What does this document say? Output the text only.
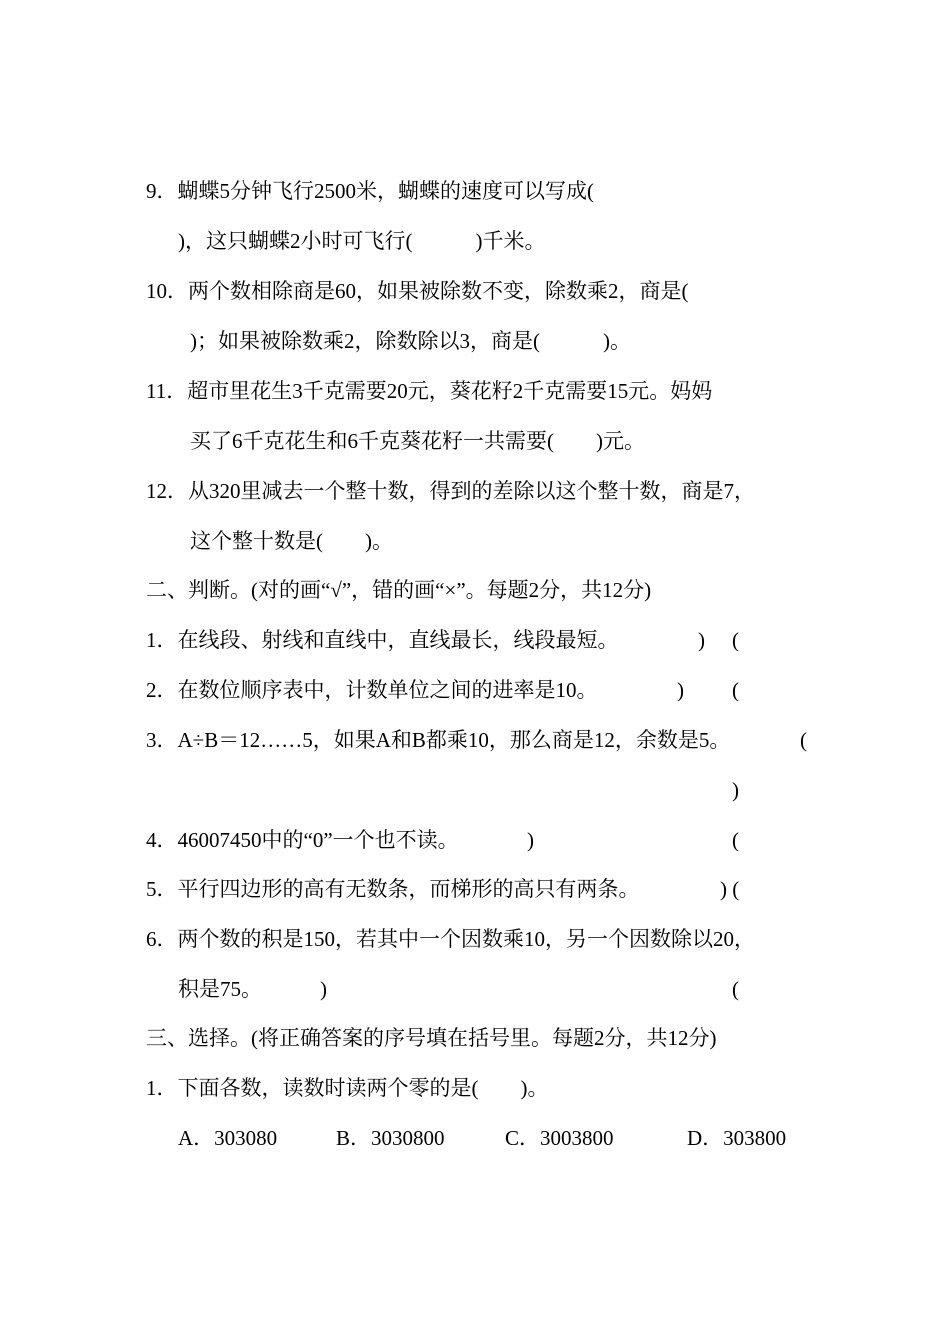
9．蝴蝶5分钟飞行2500米，蝴蝶的速度可以写成(
)，这只蝴蝶2小时可飞行(　　　)千米。
10．两个数相除商是60，如果被除数不变，除数乘2，商是(
)；如果被除数乘2，除数除以3，商是(　　　)。
11．超市里花生3千克需要20元，葵花籽2千克需要15元。妈妈
买了6千克花生和6千克葵花籽一共需要(　　)元。
12．从320里减去一个整十数，得到的差除以这个整十数，商是7，
这个整十数是(　　)。
二、判断。(对的画“√”，错的画“×”。每题2分，共12分)
1．在线段、射线和直线中，直线最长，线段最短。	) (
2．在数位顺序表中，计数单位之间的进率是10。	) (
3．A÷B＝12……5，如果A和B都乘10，那么商是12，余数是5。	(
)
4．46007450中的“0”一个也不读。	)	(
5．平行四边形的高有无数条，而梯形的高只有两条。	) (
6．两个数的积是150，若其中一个因数乘10，另一个因数除以20，
积是75。	)	(
三、选择。(将正确答案的序号填在括号里。每题2分，共12分)
1．下面各数，读数时读两个零的是(　　)。
A．303080	B．3030800	C．3003800	D．303800
